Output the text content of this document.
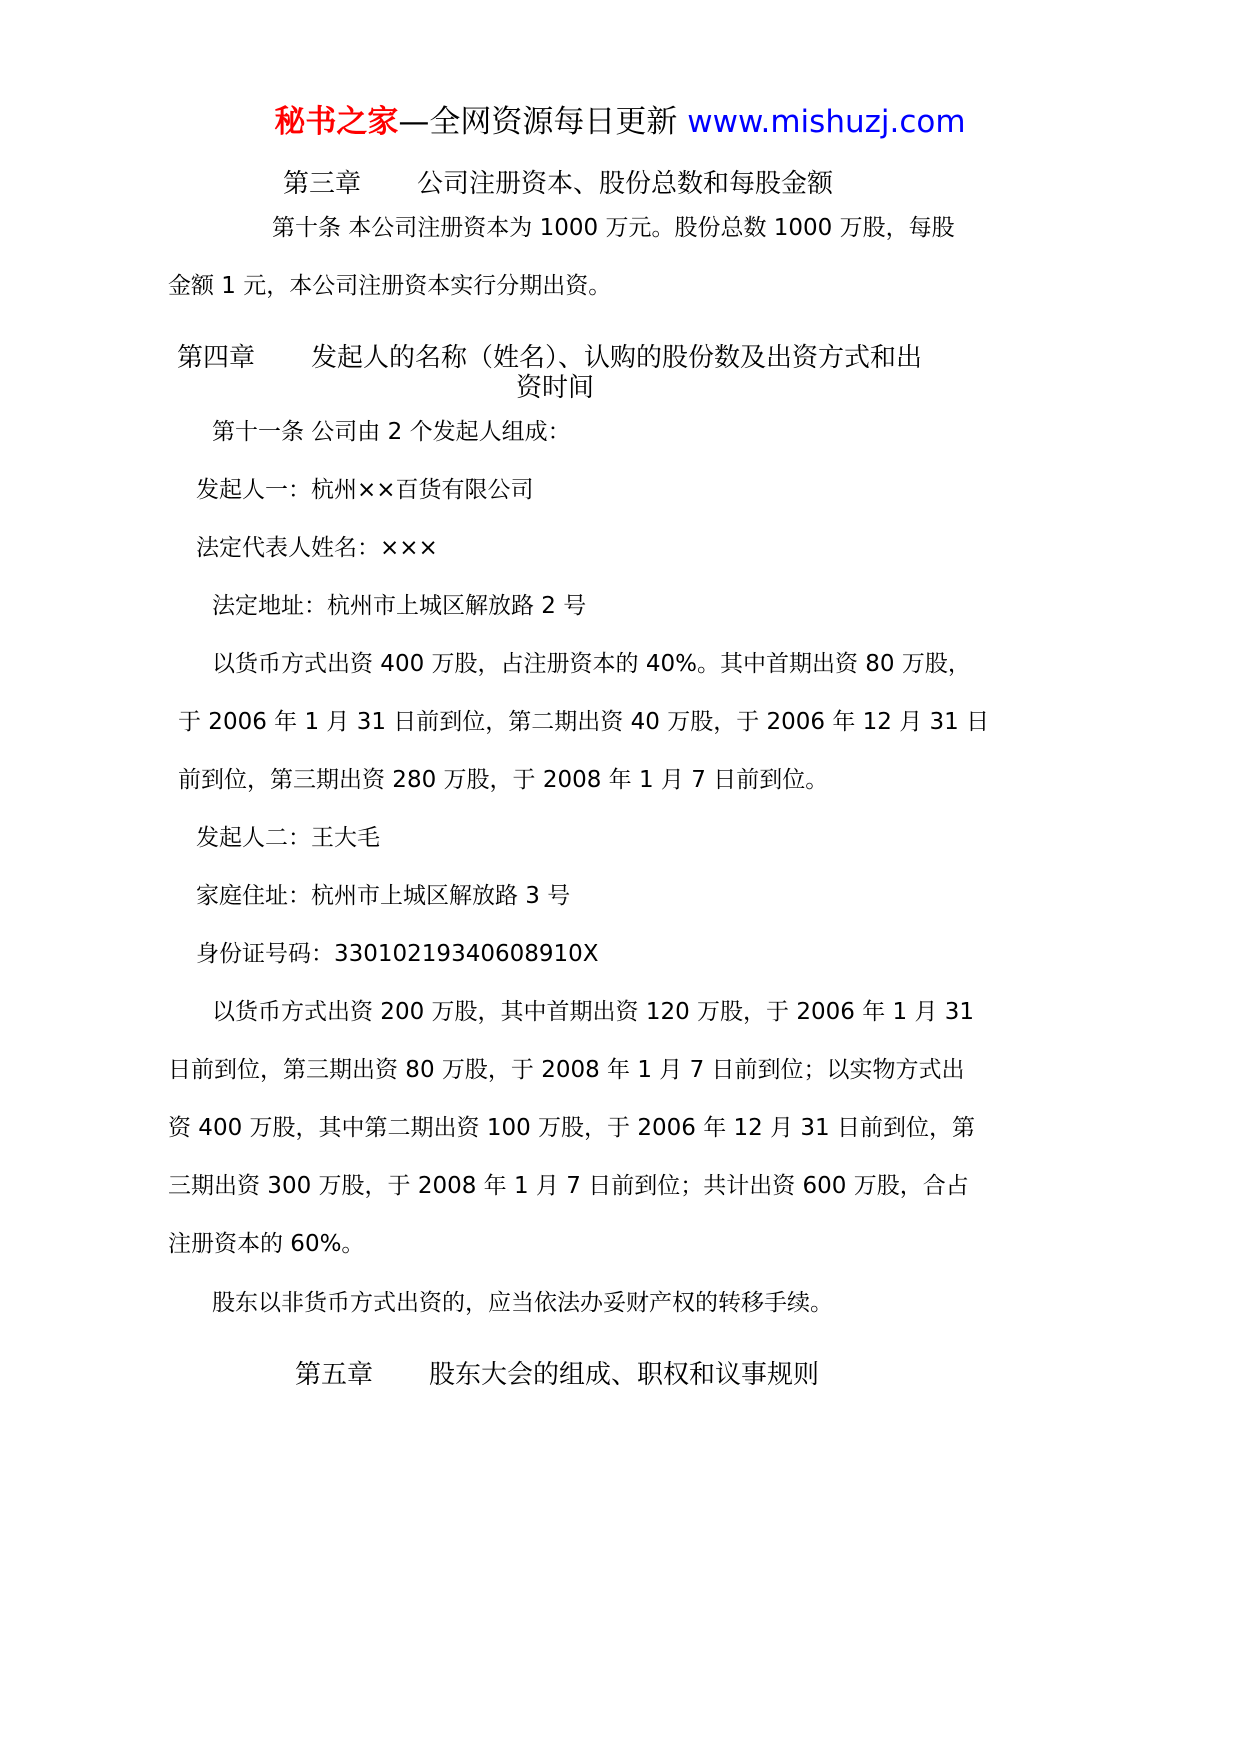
秘书之家—全网资源每日更新 www.mishuzj.com
第三章 公司注册资本、股份总数和每股金额
第十条 本公司注册资本为 1000 万元。股份总数 1000 万股，每股
金额 1 元，本公司注册资本实行分期出资。
第四章 发起人的名称（姓名）、认购的股份数及出资方式和出
资时间
第十一条 公司由 2 个发起人组成：
发起人一：杭州××百货有限公司
法定代表人姓名：×××
法定地址：杭州市上城区解放路 2 号
以货币方式出资 400 万股，占注册资本的 40%。其中首期出资 80 万股，
于 2006 年 1 月 31 日前到位，第二期出资 40 万股，于 2006 年 12 月 31 日
前到位，第三期出资 280 万股，于 2008 年 1 月 7 日前到位。
发起人二：王大毛
家庭住址：杭州市上城区解放路 3 号
身份证号码：33010219340608910X
以货币方式出资 200 万股，其中首期出资 120 万股，于 2006 年 1 月 31
日前到位，第三期出资 80 万股，于 2008 年 1 月 7 日前到位；以实物方式出
资 400 万股，其中第二期出资 100 万股，于 2006 年 12 月 31 日前到位，第
三期出资 300 万股，于 2008 年 1 月 7 日前到位；共计出资 600 万股，合占
注册资本的 60%。
股东以非货币方式出资的，应当依法办妥财产权的转移手续。
第五章 股东大会的组成、职权和议事规则
